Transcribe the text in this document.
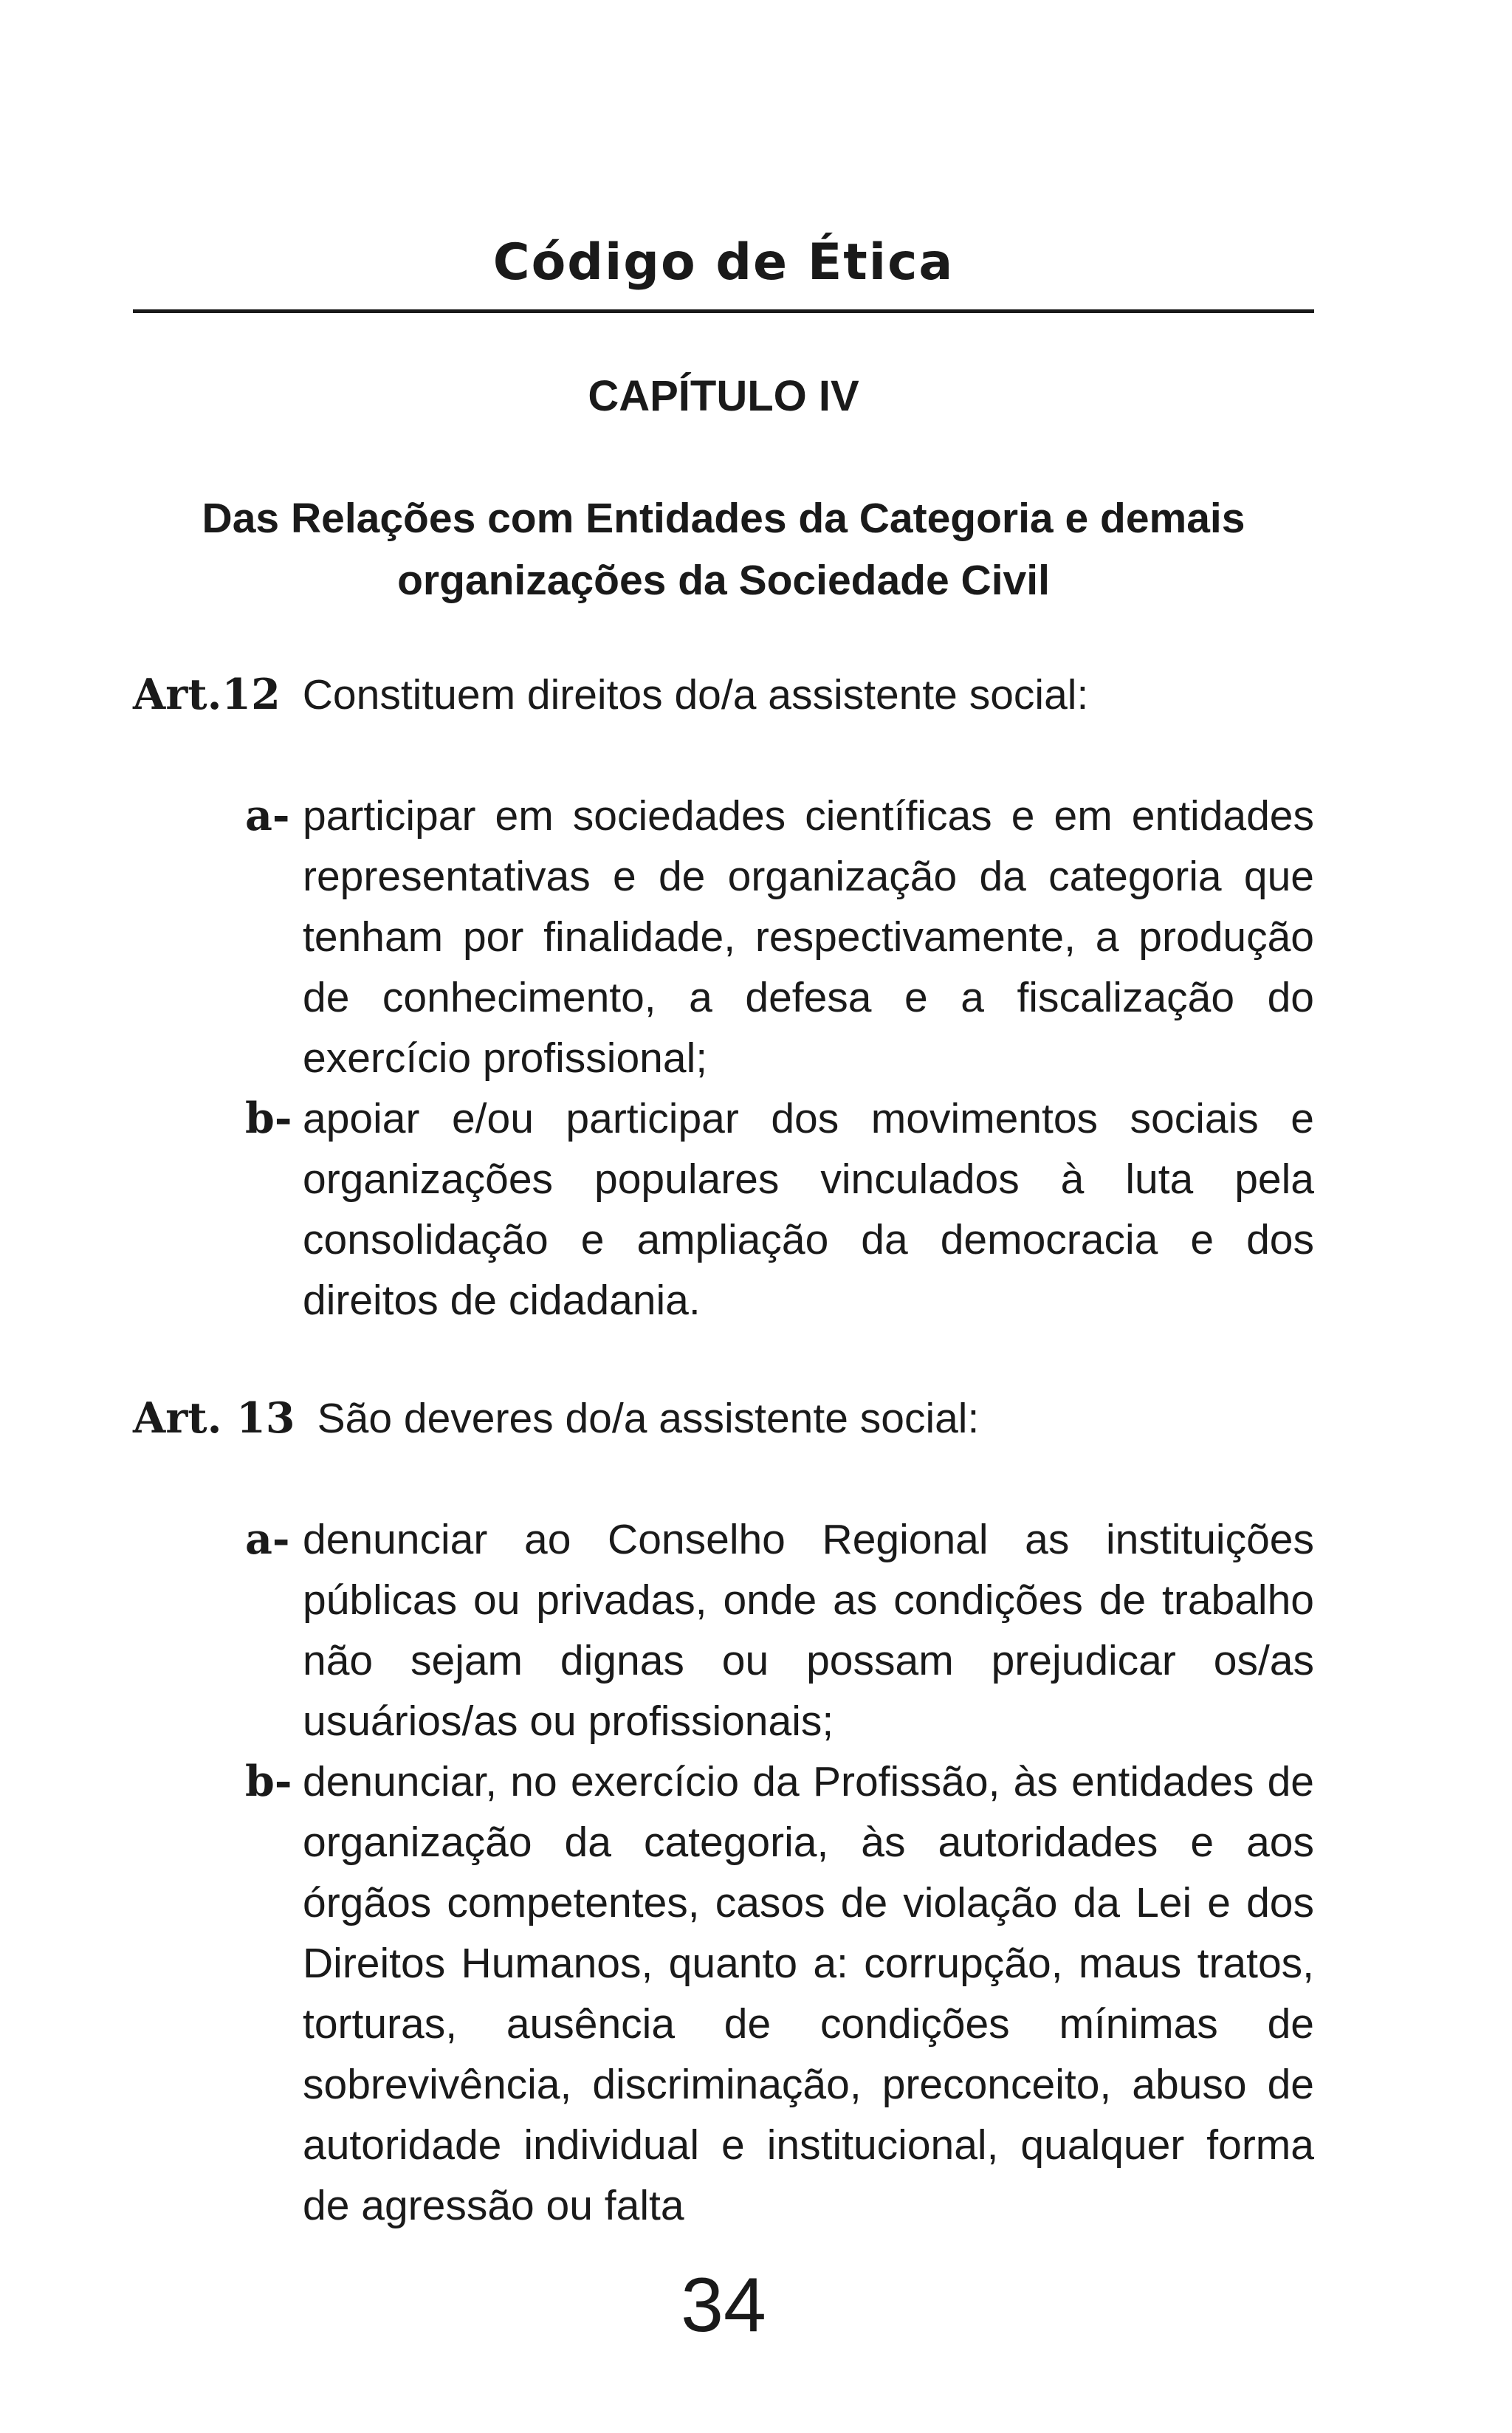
Código de Ética
CAPÍTULO IV
Das Relações com Entidades da Categoria e demais
organizações da Sociedade Civil
Art.12 Constituem direitos do/a assistente social:
a- participar em sociedades científicas e em entidades representativas e de organização da categoria que tenham por finalidade, respectivamente, a produção de conhecimento, a defesa e a fiscalização do exercício profissional;
b- apoiar e/ou participar dos movimentos sociais e organizações populares vinculados à luta pela consolidação e ampliação da democracia e dos direitos de cidadania.
Art. 13 São deveres do/a assistente social:
a- denunciar ao Conselho Regional as instituições públicas ou privadas, onde as condições de trabalho não sejam dignas ou possam prejudicar os/as usuários/as ou profissionais;
b- denunciar, no exercício da Profissão, às entidades de organização da categoria, às autoridades e aos órgãos competentes, casos de violação da Lei e dos Direitos Humanos, quanto a: corrupção, maus tratos, torturas, ausência de condições mínimas de sobrevivência, discriminação, preconceito, abuso de autoridade individual e institucional, qualquer forma de agressão ou falta
34
